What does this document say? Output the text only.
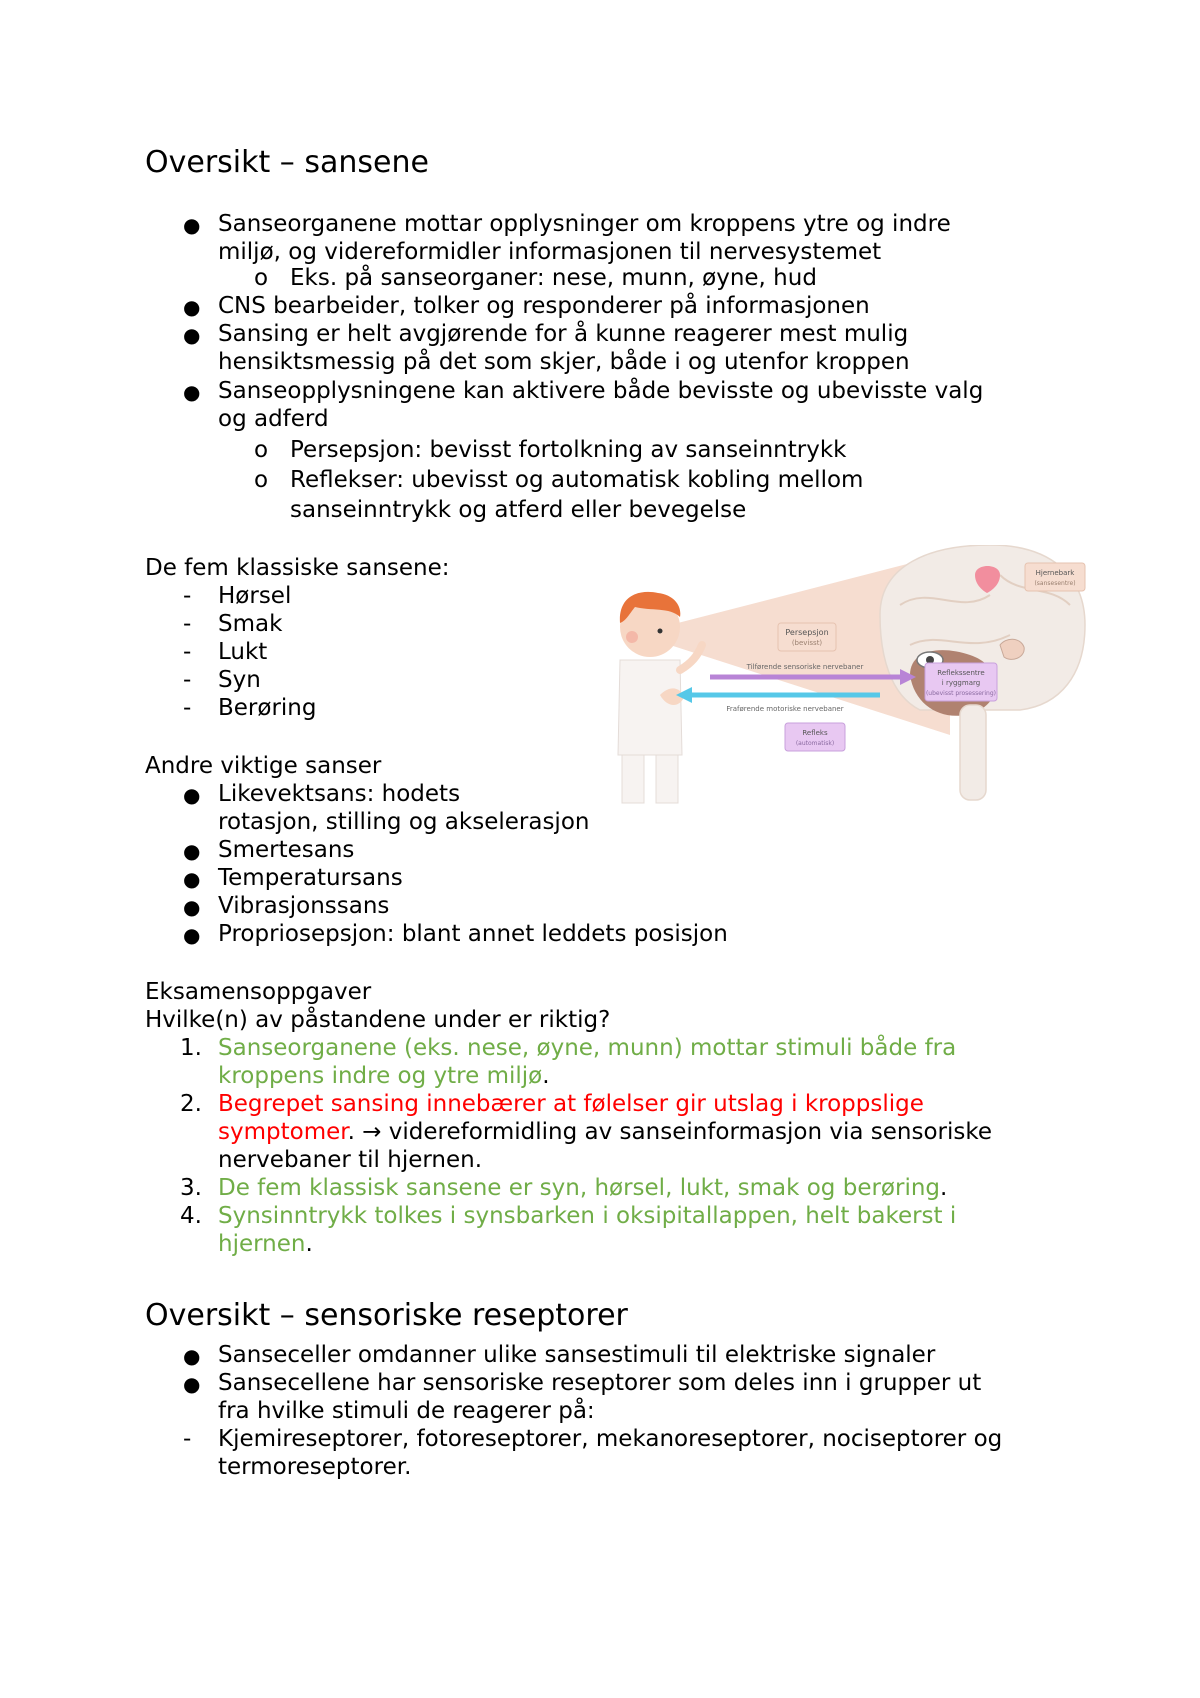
Oversikt – sansene
● Sanseorganene mottar opplysninger om kroppens ytre og indre
miljø, og videreformidler informasjonen til nervesystemet
o Eks. på sanseorganer: nese, munn, øyne, hud
● CNS bearbeider, tolker og responderer på informasjonen
● Sansing er helt avgjørende for å kunne reagerer mest mulig
hensiktsmessig på det som skjer, både i og utenfor kroppen
● Sanseopplysningene kan aktivere både bevisste og ubevisste valg
og adferd
o Persepsjon: bevisst fortolkning av sanseinntrykk
o Reflekser: ubevisst og automatisk kobling mellom
sanseinntrykk og atferd eller bevegelse
De fem klassiske sansene:
- Hørsel
- Smak
- Lukt
- Syn
- Berøring
Andre viktige sanser
● Likevektsans: hodets
rotasjon, stilling og akselerasjon
● Smertesans
● Temperatursans
● Vibrasjonssans
● Propriosepsjon: blant annet leddets posisjon
Eksamensoppgaver
Hvilke(n) av påstandene under er riktig?
1. Sanseorganene (eks. nese, øyne, munn) mottar stimuli både fra
kroppens indre og ytre miljø.
2. Begrepet sansing innebærer at følelser gir utslag i kroppslige
symptomer. → videreformidling av sanseinformasjon via sensoriske
nervebaner til hjernen.
3. De fem klassisk sansene er syn, hørsel, lukt, smak og berøring.
4. Synsinntrykk tolkes i synsbarken i oksipitallappen, helt bakerst i
hjernen.
Oversikt – sensoriske reseptorer
● Sanseceller omdanner ulike sansestimuli til elektriske signaler
● Sansecellene har sensoriske reseptorer som deles inn i grupper ut
fra hvilke stimuli de reagerer på:
- Kjemireseptorer, fotoreseptorer, mekanoreseptorer, nociseptorer og
termoreseptorer.
Persepsjon
(bevisst)
Hjernebark
(sansesentre)
Tilførende sensoriske nervebaner
Fraførende motoriske nervebaner
Reflekssentre
i ryggmarg
(ubevisst prosessering)
Refleks
(automatisk)
